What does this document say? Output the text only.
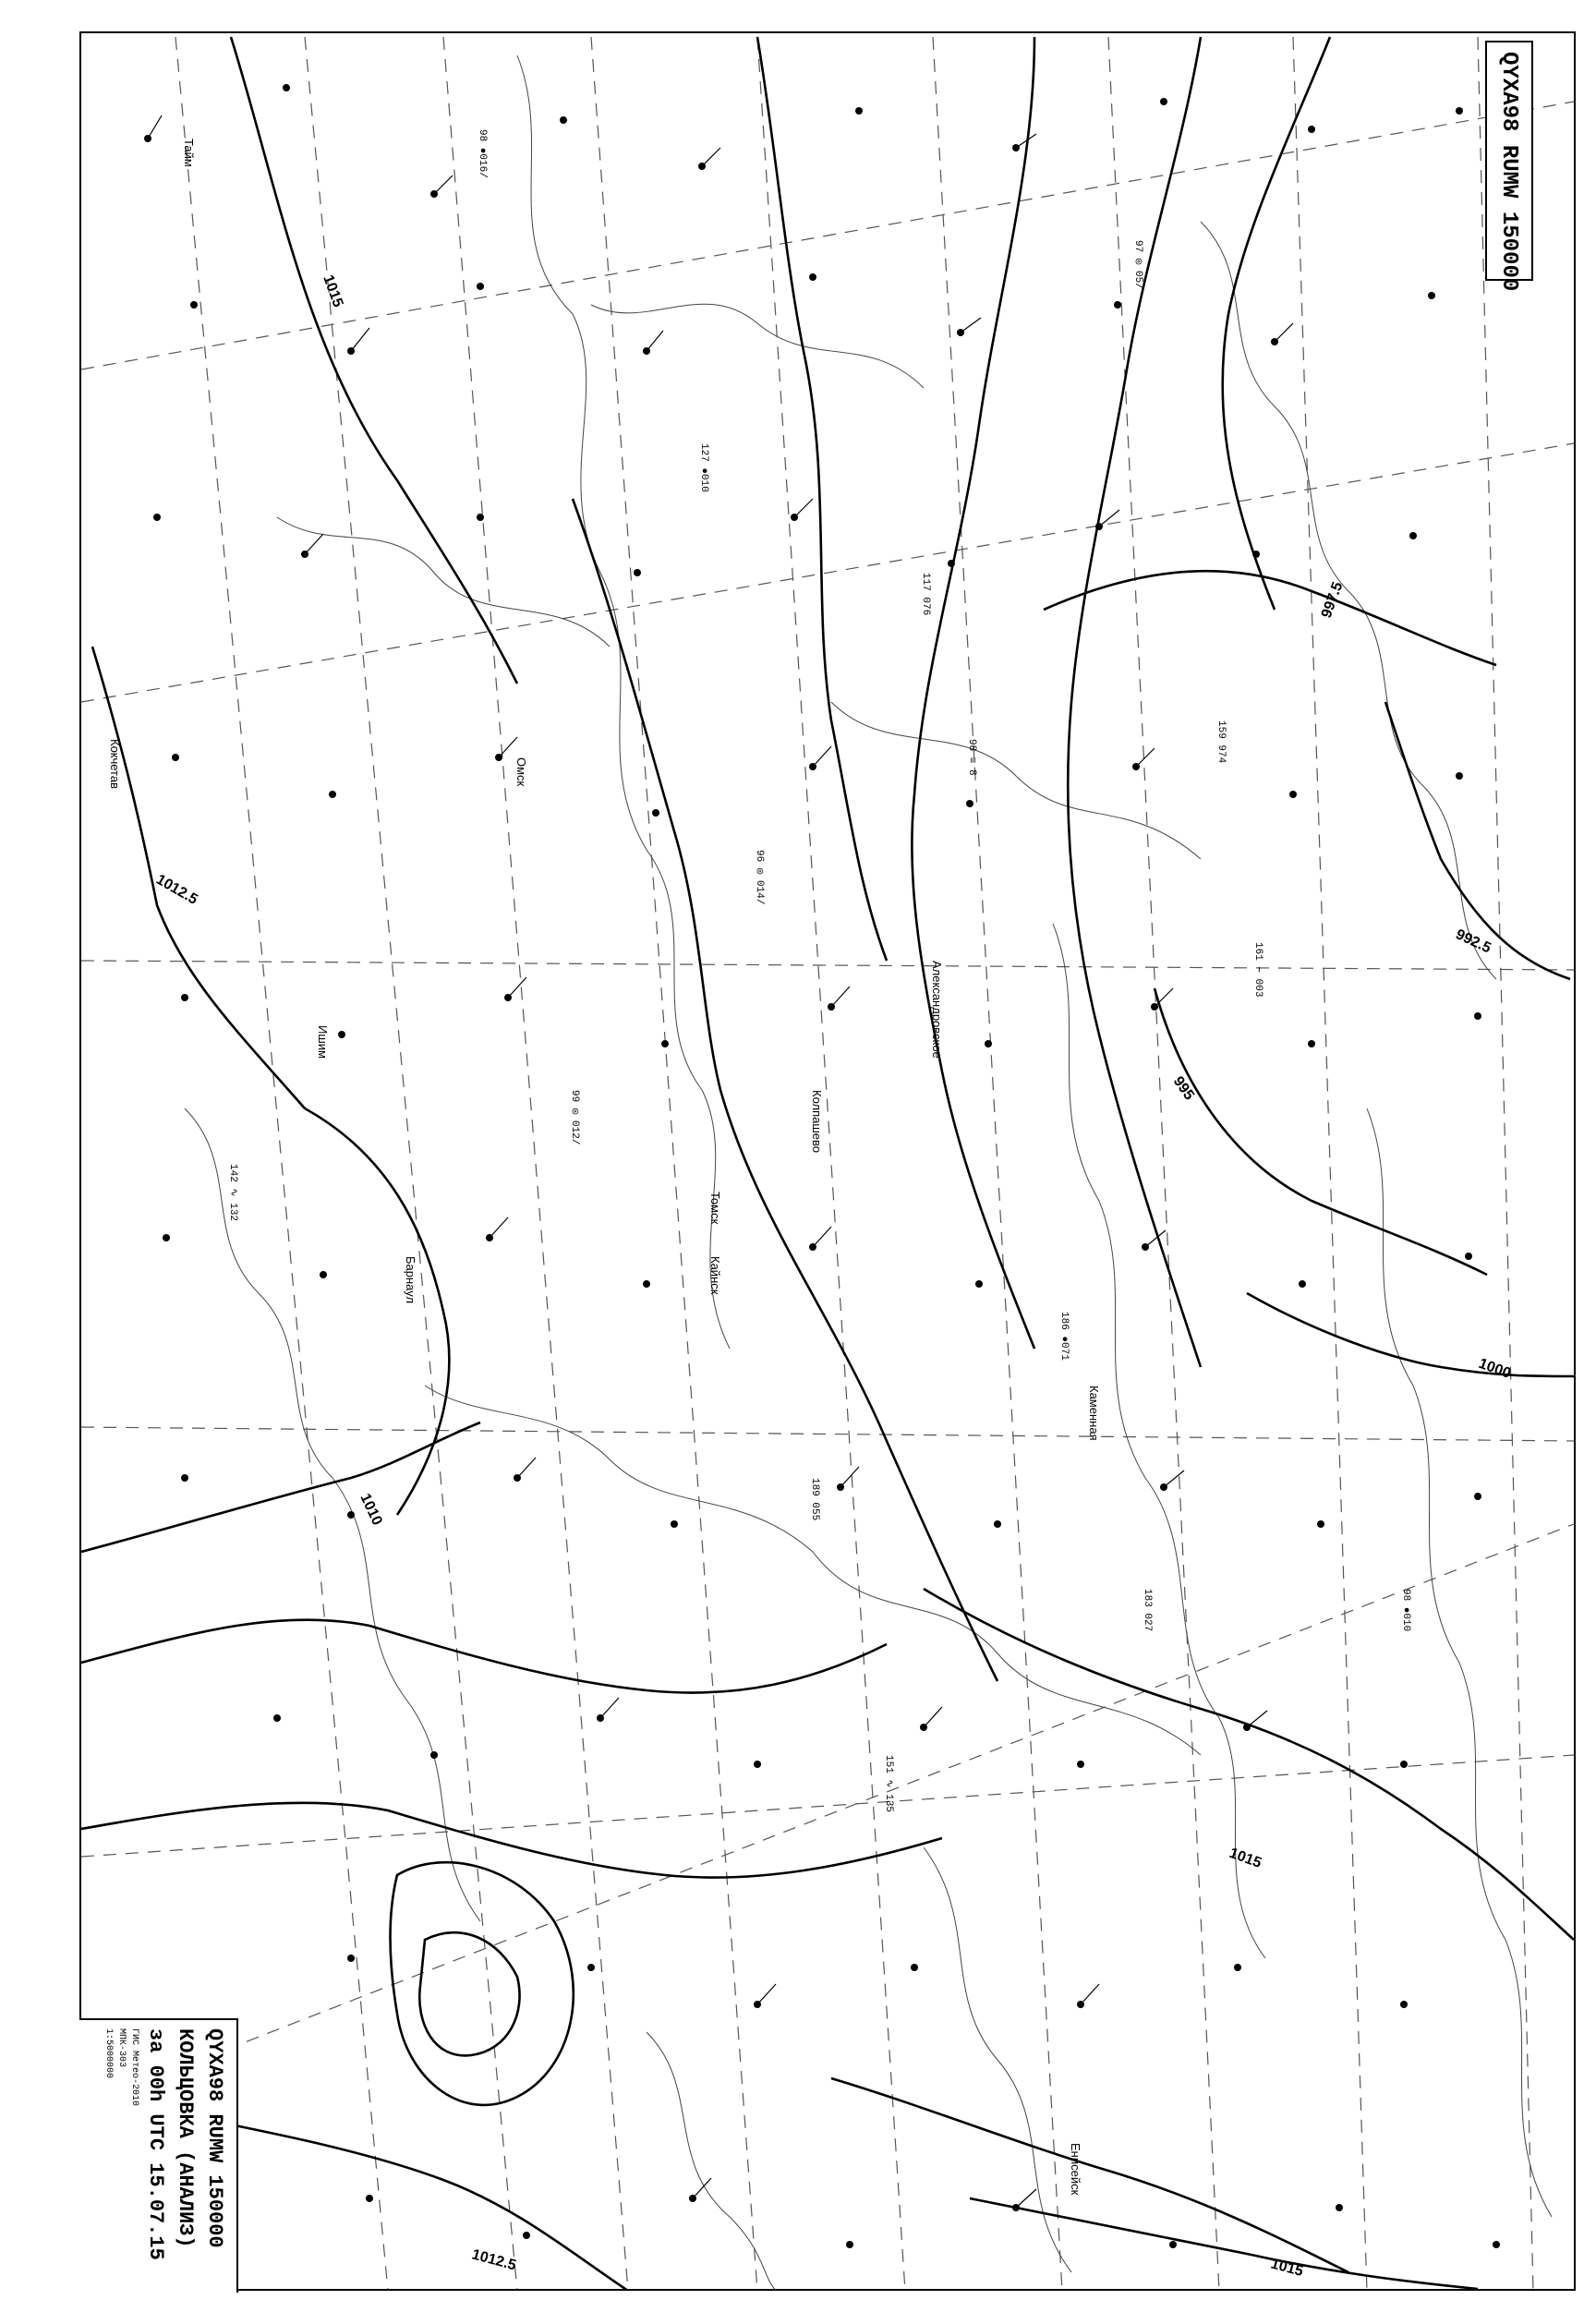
1015
1012.5
1010
1000
997.5
995
992.5
1015
1012.5	1015
Тайм
Омск
Томск
Александровское
Каменная
Барнаул
Енисейск
Колпашево
Кайнск
Кокчетав
Ишим
98 ●016/
117 076
97 ◎ 05/
159 974
127 ●010
99 ◎ 012/
161 ∼ 003
186 ●071
142 ∿ 132
98 ≡ 8
151 ∿ 135
96 ◎ 014/
189 055
183 027	98 ●010
QYXA98 RUMW 150000
QYXA98 RUMW 150000
КОЛЬЦОВКА (АНАЛИЗ)
за 00h UTC 15.07.15
ГИС Метео-2010
МПК-303
1:5000000
